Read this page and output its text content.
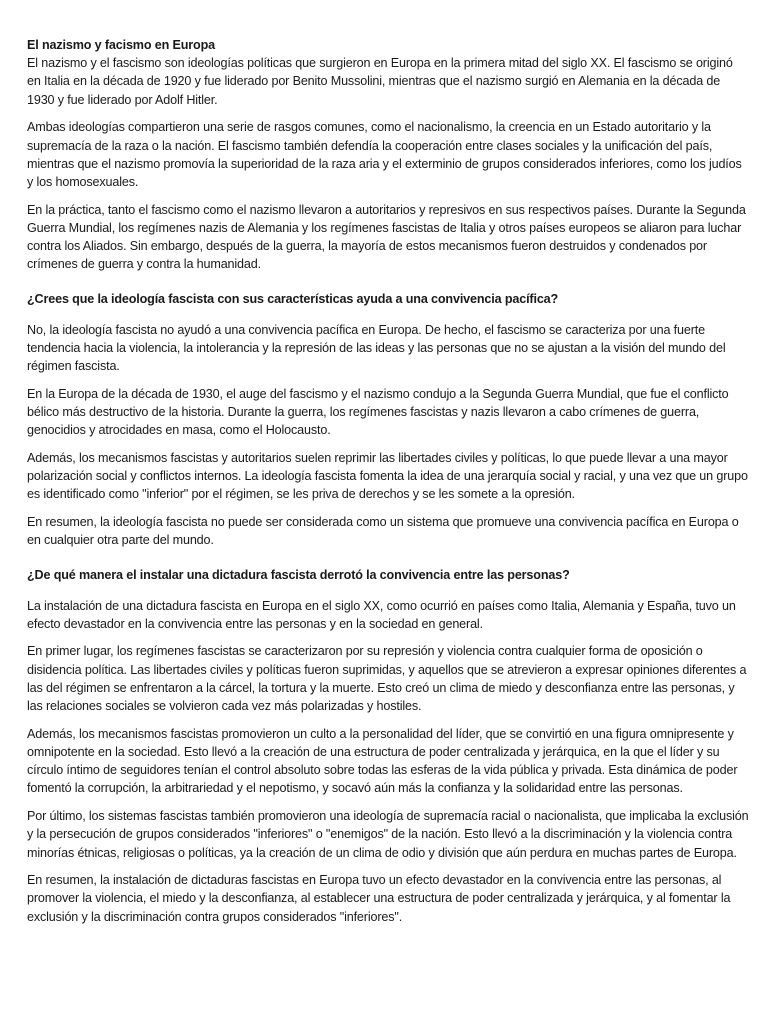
El nazismo y facismo en Europa

El nazismo y el fascismo son ideologías políticas que surgieron en Europa en la primera mitad del siglo XX. El fascismo se originó en Italia en la década de 1920 y fue liderado por Benito Mussolini, mientras que el nazismo surgió en Alemania en la década de 1930 y fue liderado por Adolf Hitler.

Ambas ideologías compartieron una serie de rasgos comunes, como el nacionalismo, la creencia en un Estado autoritario y la supremacía de la raza o la nación. El fascismo también defendía la cooperación entre clases sociales y la unificación del país, mientras que el nazismo promovía la superioridad de la raza aria y el exterminio de grupos considerados inferiores, como los judíos y los homosexuales.

En la práctica, tanto el fascismo como el nazismo llevaron a autoritarios y represivos en sus respectivos países. Durante la Segunda Guerra Mundial, los regímenes nazis de Alemania y los regímenes fascistas de Italia y otros países europeos se aliaron para luchar contra los Aliados. Sin embargo, después de la guerra, la mayoría de estos mecanismos fueron destruidos y condenados por crímenes de guerra y contra la humanidad.

¿Crees que la ideología fascista con sus características ayuda a una convivencia pacífica?

No, la ideología fascista no ayudó a una convivencia pacífica en Europa. De hecho, el fascismo se caracteriza por una fuerte tendencia hacia la violencia, la intolerancia y la represión de las ideas y las personas que no se ajustan a la visión del mundo del régimen fascista.

En la Europa de la década de 1930, el auge del fascismo y el nazismo condujo a la Segunda Guerra Mundial, que fue el conflicto bélico más destructivo de la historia. Durante la guerra, los regímenes fascistas y nazis llevaron a cabo crímenes de guerra, genocidios y atrocidades en masa, como el Holocausto.

Además, los mecanismos fascistas y autoritarios suelen reprimir las libertades civiles y políticas, lo que puede llevar a una mayor polarización social y conflictos internos. La ideología fascista fomenta la idea de una jerarquía social y racial, y una vez que un grupo es identificado como "inferior" por el régimen, se les priva de derechos y se les somete a la opresión.

En resumen, la ideología fascista no puede ser considerada como un sistema que promueve una convivencia pacífica en Europa o en cualquier otra parte del mundo.

¿De qué manera el instalar una dictadura fascista derrotó la convivencia entre las personas?

La instalación de una dictadura fascista en Europa en el siglo XX, como ocurrió en países como Italia, Alemania y España, tuvo un efecto devastador en la convivencia entre las personas y en la sociedad en general.

En primer lugar, los regímenes fascistas se caracterizaron por su represión y violencia contra cualquier forma de oposición o disidencia política. Las libertades civiles y políticas fueron suprimidas, y aquellos que se atrevieron a expresar opiniones diferentes a las del régimen se enfrentaron a la cárcel, la tortura y la muerte. Esto creó un clima de miedo y desconfianza entre las personas, y las relaciones sociales se volvieron cada vez más polarizadas y hostiles.

Además, los mecanismos fascistas promovieron un culto a la personalidad del líder, que se convirtió en una figura omnipresente y omnipotente en la sociedad. Esto llevó a la creación de una estructura de poder centralizada y jerárquica, en la que el líder y su círculo íntimo de seguidores tenían el control absoluto sobre todas las esferas de la vida pública y privada. Esta dinámica de poder fomentó la corrupción, la arbitrariedad y el nepotismo, y socavó aún más la confianza y la solidaridad entre las personas.

Por último, los sistemas fascistas también promovieron una ideología de supremacía racial o nacionalista, que implicaba la exclusión y la persecución de grupos considerados "inferiores" o "enemigos" de la nación. Esto llevó a la discriminación y la violencia contra minorías étnicas, religiosas o políticas, ya la creación de un clima de odio y división que aún perdura en muchas partes de Europa.

En resumen, la instalación de dictaduras fascistas en Europa tuvo un efecto devastador en la convivencia entre las personas, al promover la violencia, el miedo y la desconfianza, al establecer una estructura de poder centralizada y jerárquica, y al fomentar la exclusión y la discriminación contra grupos considerados "inferiores".
